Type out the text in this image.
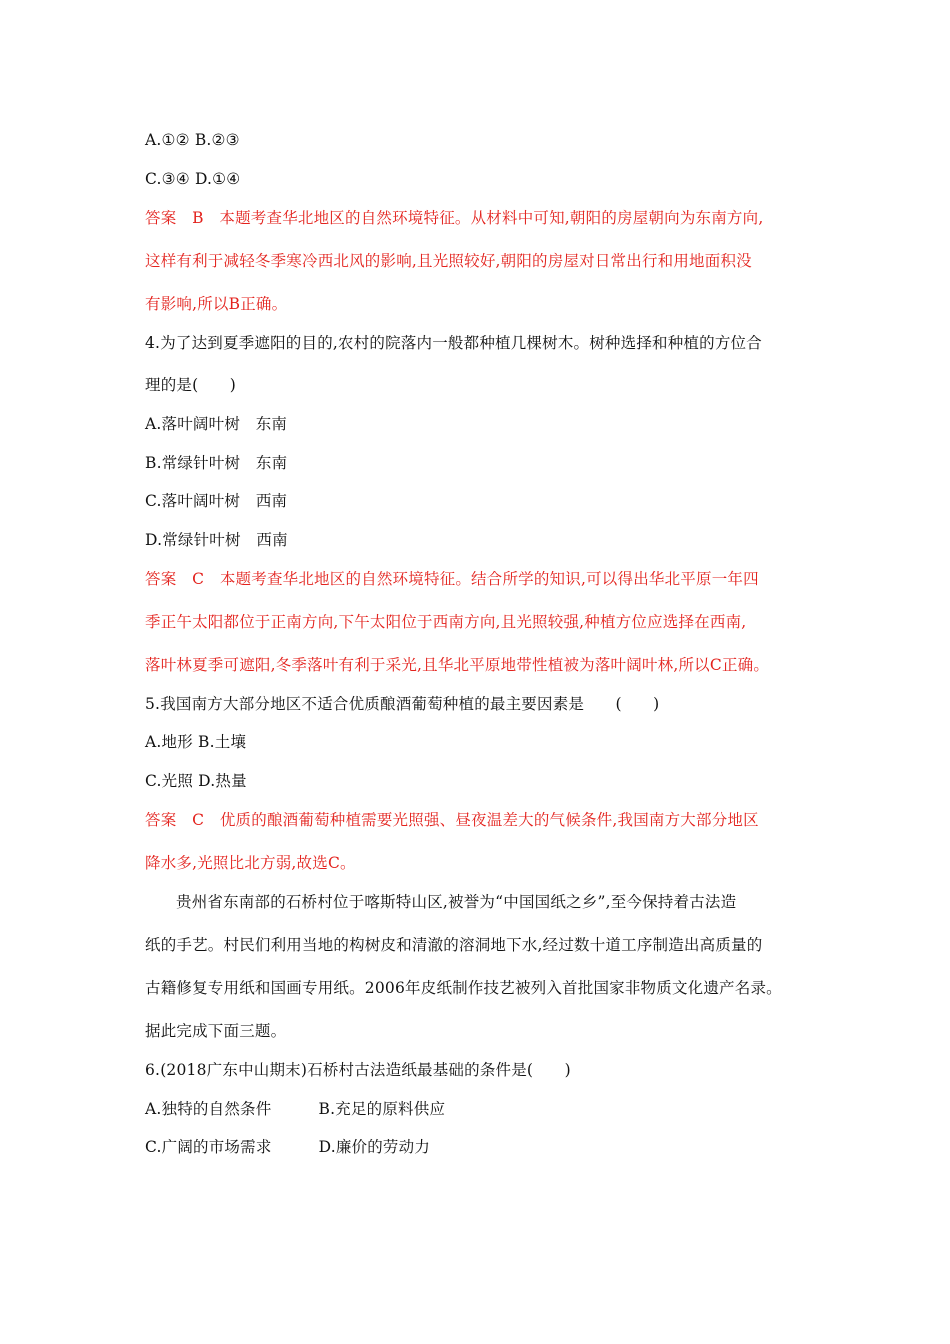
A.①② B.②③
C.③④ D.①④
答案　B　本题考查华北地区的自然环境特征。从材料中可知,朝阳的房屋朝向为东南方向,
这样有利于减轻冬季寒冷西北风的影响,且光照较好,朝阳的房屋对日常出行和用地面积没
有影响,所以B正确。
4.为了达到夏季遮阳的目的,农村的院落内一般都种植几棵树木。树种选择和种植的方位合
理的是(　　)
A.落叶阔叶树　东南
B.常绿针叶树　东南
C.落叶阔叶树　西南
D.常绿针叶树　西南
答案　C　本题考查华北地区的自然环境特征。结合所学的知识,可以得出华北平原一年四
季正午太阳都位于正南方向,下午太阳位于西南方向,且光照较强,种植方位应选择在西南,
落叶林夏季可遮阳,冬季落叶有利于采光,且华北平原地带性植被为落叶阔叶林,所以C正确。
5.我国南方大部分地区不适合优质酿酒葡萄种植的最主要因素是　　(　　)
A.地形 B.土壤
C.光照 D.热量
答案　C　优质的酿酒葡萄种植需要光照强、昼夜温差大的气候条件,我国南方大部分地区
降水多,光照比北方弱,故选C。
贵州省东南部的石桥村位于喀斯特山区,被誉为“中国国纸之乡”,至今保持着古法造
纸的手艺。村民们利用当地的构树皮和清澈的溶洞地下水,经过数十道工序制造出高质量的
古籍修复专用纸和国画专用纸。2006年皮纸制作技艺被列入首批国家非物质文化遗产名录。
据此完成下面三题。
6.(2018广东中山期末)石桥村古法造纸最基础的条件是(　　)
A.独特的自然条件　　　B.充足的原料供应
C.广阔的市场需求　　　D.廉价的劳动力
